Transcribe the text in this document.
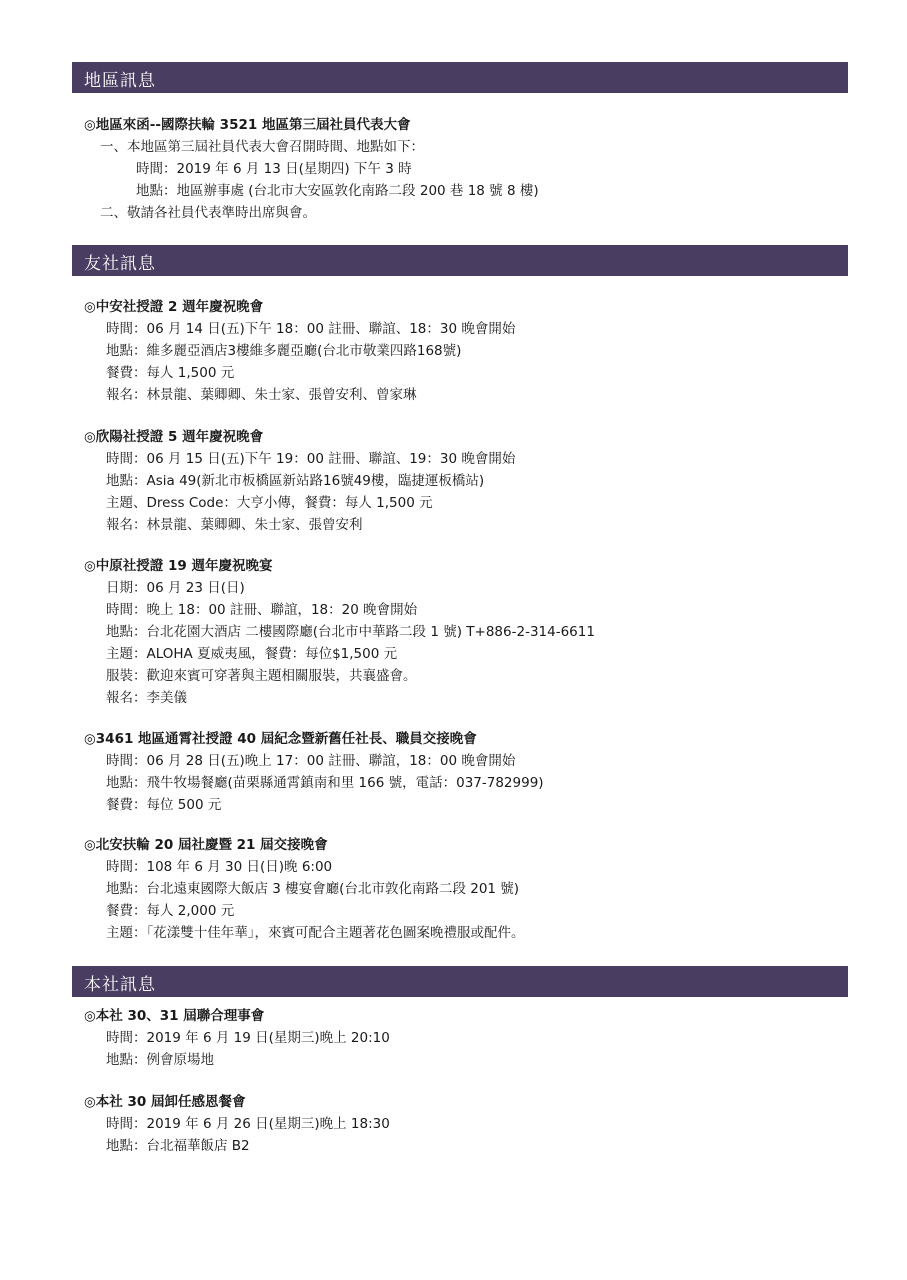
地區訊息
◎地區來函--國際扶輪 3521 地區第三屆社員代表大會
一、本地區第三屆社員代表大會召開時間、地點如下：
時間：2019 年 6 月 13 日(星期四) 下午 3 時
地點：地區辦事處 (台北市大安區敦化南路二段 200 巷 18 號 8 樓)
二、敬請各社員代表準時出席與會。
友社訊息
◎中安社授證 2 週年慶祝晚會
時間：06 月 14 日(五)下午 18：00 註冊、聯誼、18：30 晚會開始
地點：維多麗亞酒店3樓維多麗亞廳(台北市敬業四路168號)
餐費：每人 1,500 元
報名：林景龍、葉卿卿、朱士家、張曾安利、曾家琳
◎欣陽社授證 5 週年慶祝晚會
時間：06 月 15 日(五)下午 19：00 註冊、聯誼、19：30 晚會開始
地點：Asia 49(新北市板橋區新站路16號49樓，臨捷運板橋站)
主題、Dress Code：大亨小傳，餐費：每人 1,500 元
報名：林景龍、葉卿卿、朱士家、張曾安利
◎中原社授證 19 週年慶祝晚宴
日期：06 月 23 日(日)
時間：晚上 18：00 註冊、聯誼，18：20 晚會開始
地點：台北花園大酒店 二樓國際廳(台北市中華路二段 1 號) T+886-2-314-6611
主題：ALOHA 夏威夷風，餐費：每位$1,500 元
服裝：歡迎來賓可穿著與主題相關服裝，共襄盛會。
報名：李美儀
◎3461 地區通霄社授證 40 屆紀念暨新舊任社長、職員交接晚會
時間：06 月 28 日(五)晚上 17：00 註冊、聯誼，18：00 晚會開始
地點：飛牛牧場餐廳(苗栗縣通霄鎮南和里 166 號，電話：037-782999)
餐費：每位 500 元
◎北安扶輪 20 屆社慶暨 21 屆交接晚會
時間：108 年 6 月 30 日(日)晚 6:00
地點：台北遠東國際大飯店 3 樓宴會廳(台北市敦化南路二段 201 號)
餐費：每人 2,000 元
主題：「花漾雙十佳年華」，來賓可配合主題著花色圖案晚禮服或配件。
本社訊息
◎本社 30、31 屆聯合理事會
時間：2019 年 6 月 19 日(星期三)晚上 20:10
地點：例會原場地
◎本社 30 屆卸任感恩餐會
時間：2019 年 6 月 26 日(星期三)晚上 18:30
地點：台北福華飯店 B2
